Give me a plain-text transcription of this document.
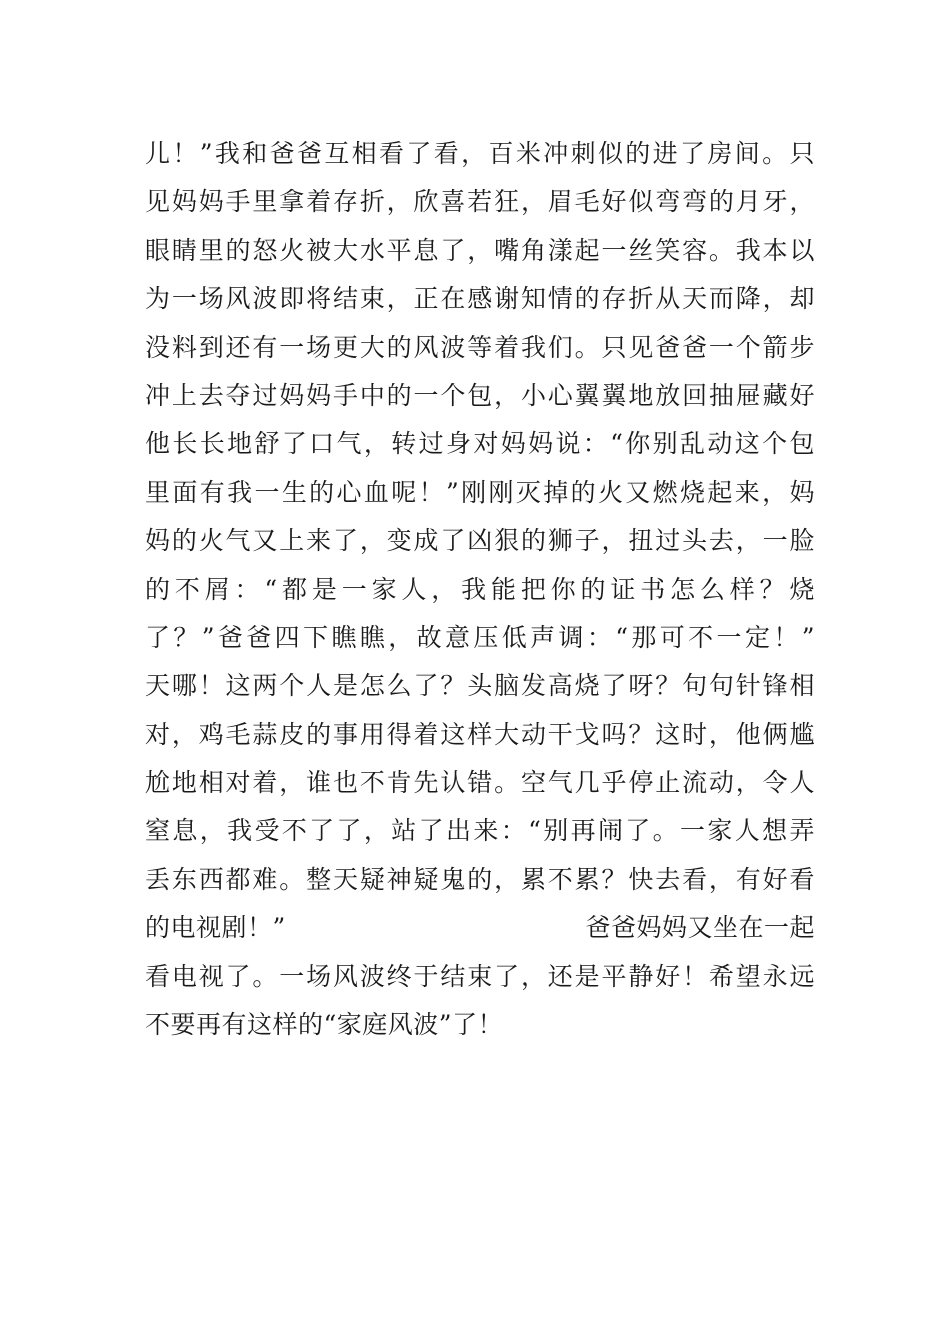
儿！”我和爸爸互相看了看，百米冲刺似的进了房间。只
见妈妈手里拿着存折，欣喜若狂，眉毛好似弯弯的月牙，
眼睛里的怒火被大水平息了，嘴角漾起一丝笑容。我本以
为一场风波即将结束，正在感谢知情的存折从天而降，却
没料到还有一场更大的风波等着我们。只见爸爸一个箭步
冲上去夺过妈妈手中的一个包，小心翼翼地放回抽屉藏好
他长长地舒了口气，转过身对妈妈说：“你别乱动这个包
里面有我一生的心血呢！”刚刚灭掉的火又燃烧起来，妈
妈的火气又上来了，变成了凶狠的狮子，扭过头去，一脸
的不屑：“都是一家人，我能把你的证书怎么样？烧
了？”爸爸四下瞧瞧，故意压低声调：“那可不一定！”
天哪！这两个人是怎么了？头脑发高烧了呀？句句针锋相
对，鸡毛蒜皮的事用得着这样大动干戈吗？这时，他俩尴
尬地相对着，谁也不肯先认错。空气几乎停止流动，令人
窒息，我受不了了，站了出来：“别再闹了。一家人想弄
丢东西都难。整天疑神疑鬼的，累不累？快去看，有好看
的电视剧！”	爸爸妈妈又坐在一起
看电视了。一场风波终于结束了，还是平静好！希望永远
不要再有这样的“家庭风波”了！
